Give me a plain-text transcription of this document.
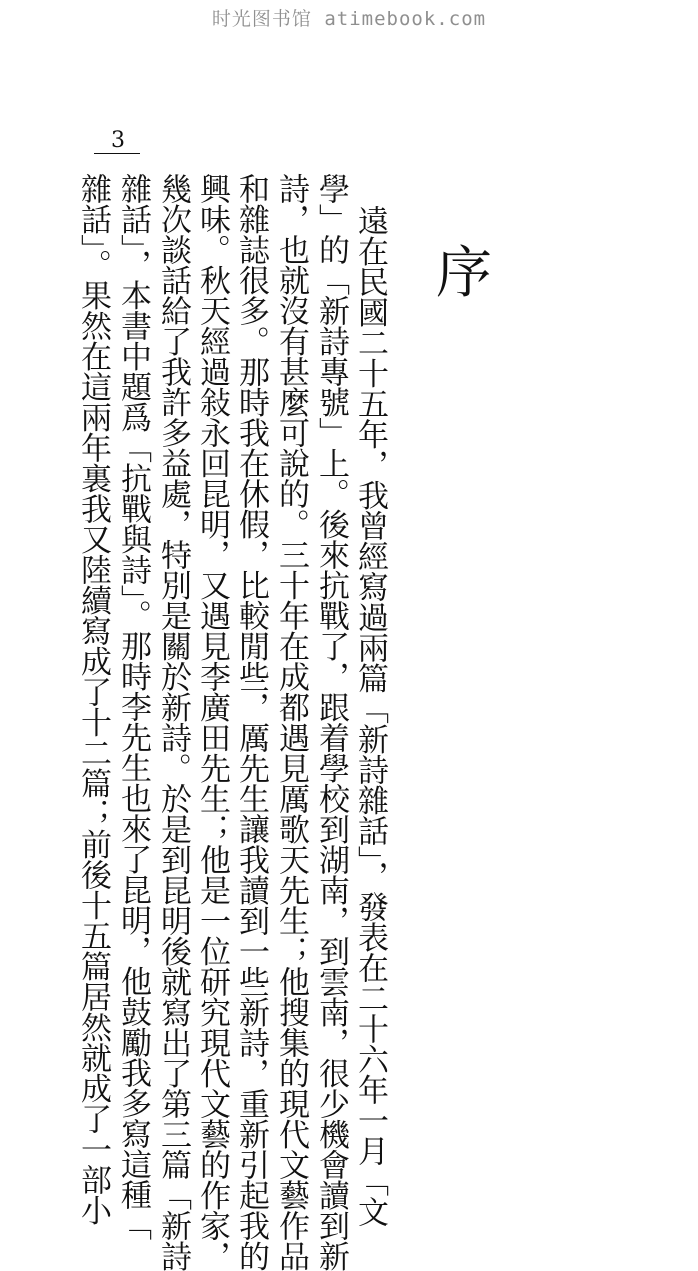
时光图书馆 atimebook.com
3
序
遠在民國二十五年，我曾經寫過兩篇「新詩雜話」，發表在二十六年一月「文
學」的「新詩專號」上。後來抗戰了，跟着學校到湖南，到雲南，很少機會讀到新
詩，也就沒有甚麼可說的。三十年在成都遇見厲歌天先生；他搜集的現代文藝作品
和雜誌很多。那時我在休假，比較閒些，厲先生讓我讀到一些新詩，重新引起我的
興味。秋天經過敍永回昆明，又遇見李廣田先生；他是一位研究現代文藝的作家，
幾次談話給了我許多益處，特別是關於新詩。於是到昆明後就寫出了第三篇「新詩
雜話」，本書中題爲「抗戰與詩」。那時李先生也來了昆明，他鼓勵我多寫這種「
雜話」。果然在這兩年裏我又陸續寫成了十二篇；前後十五篇居然就成了一部小
